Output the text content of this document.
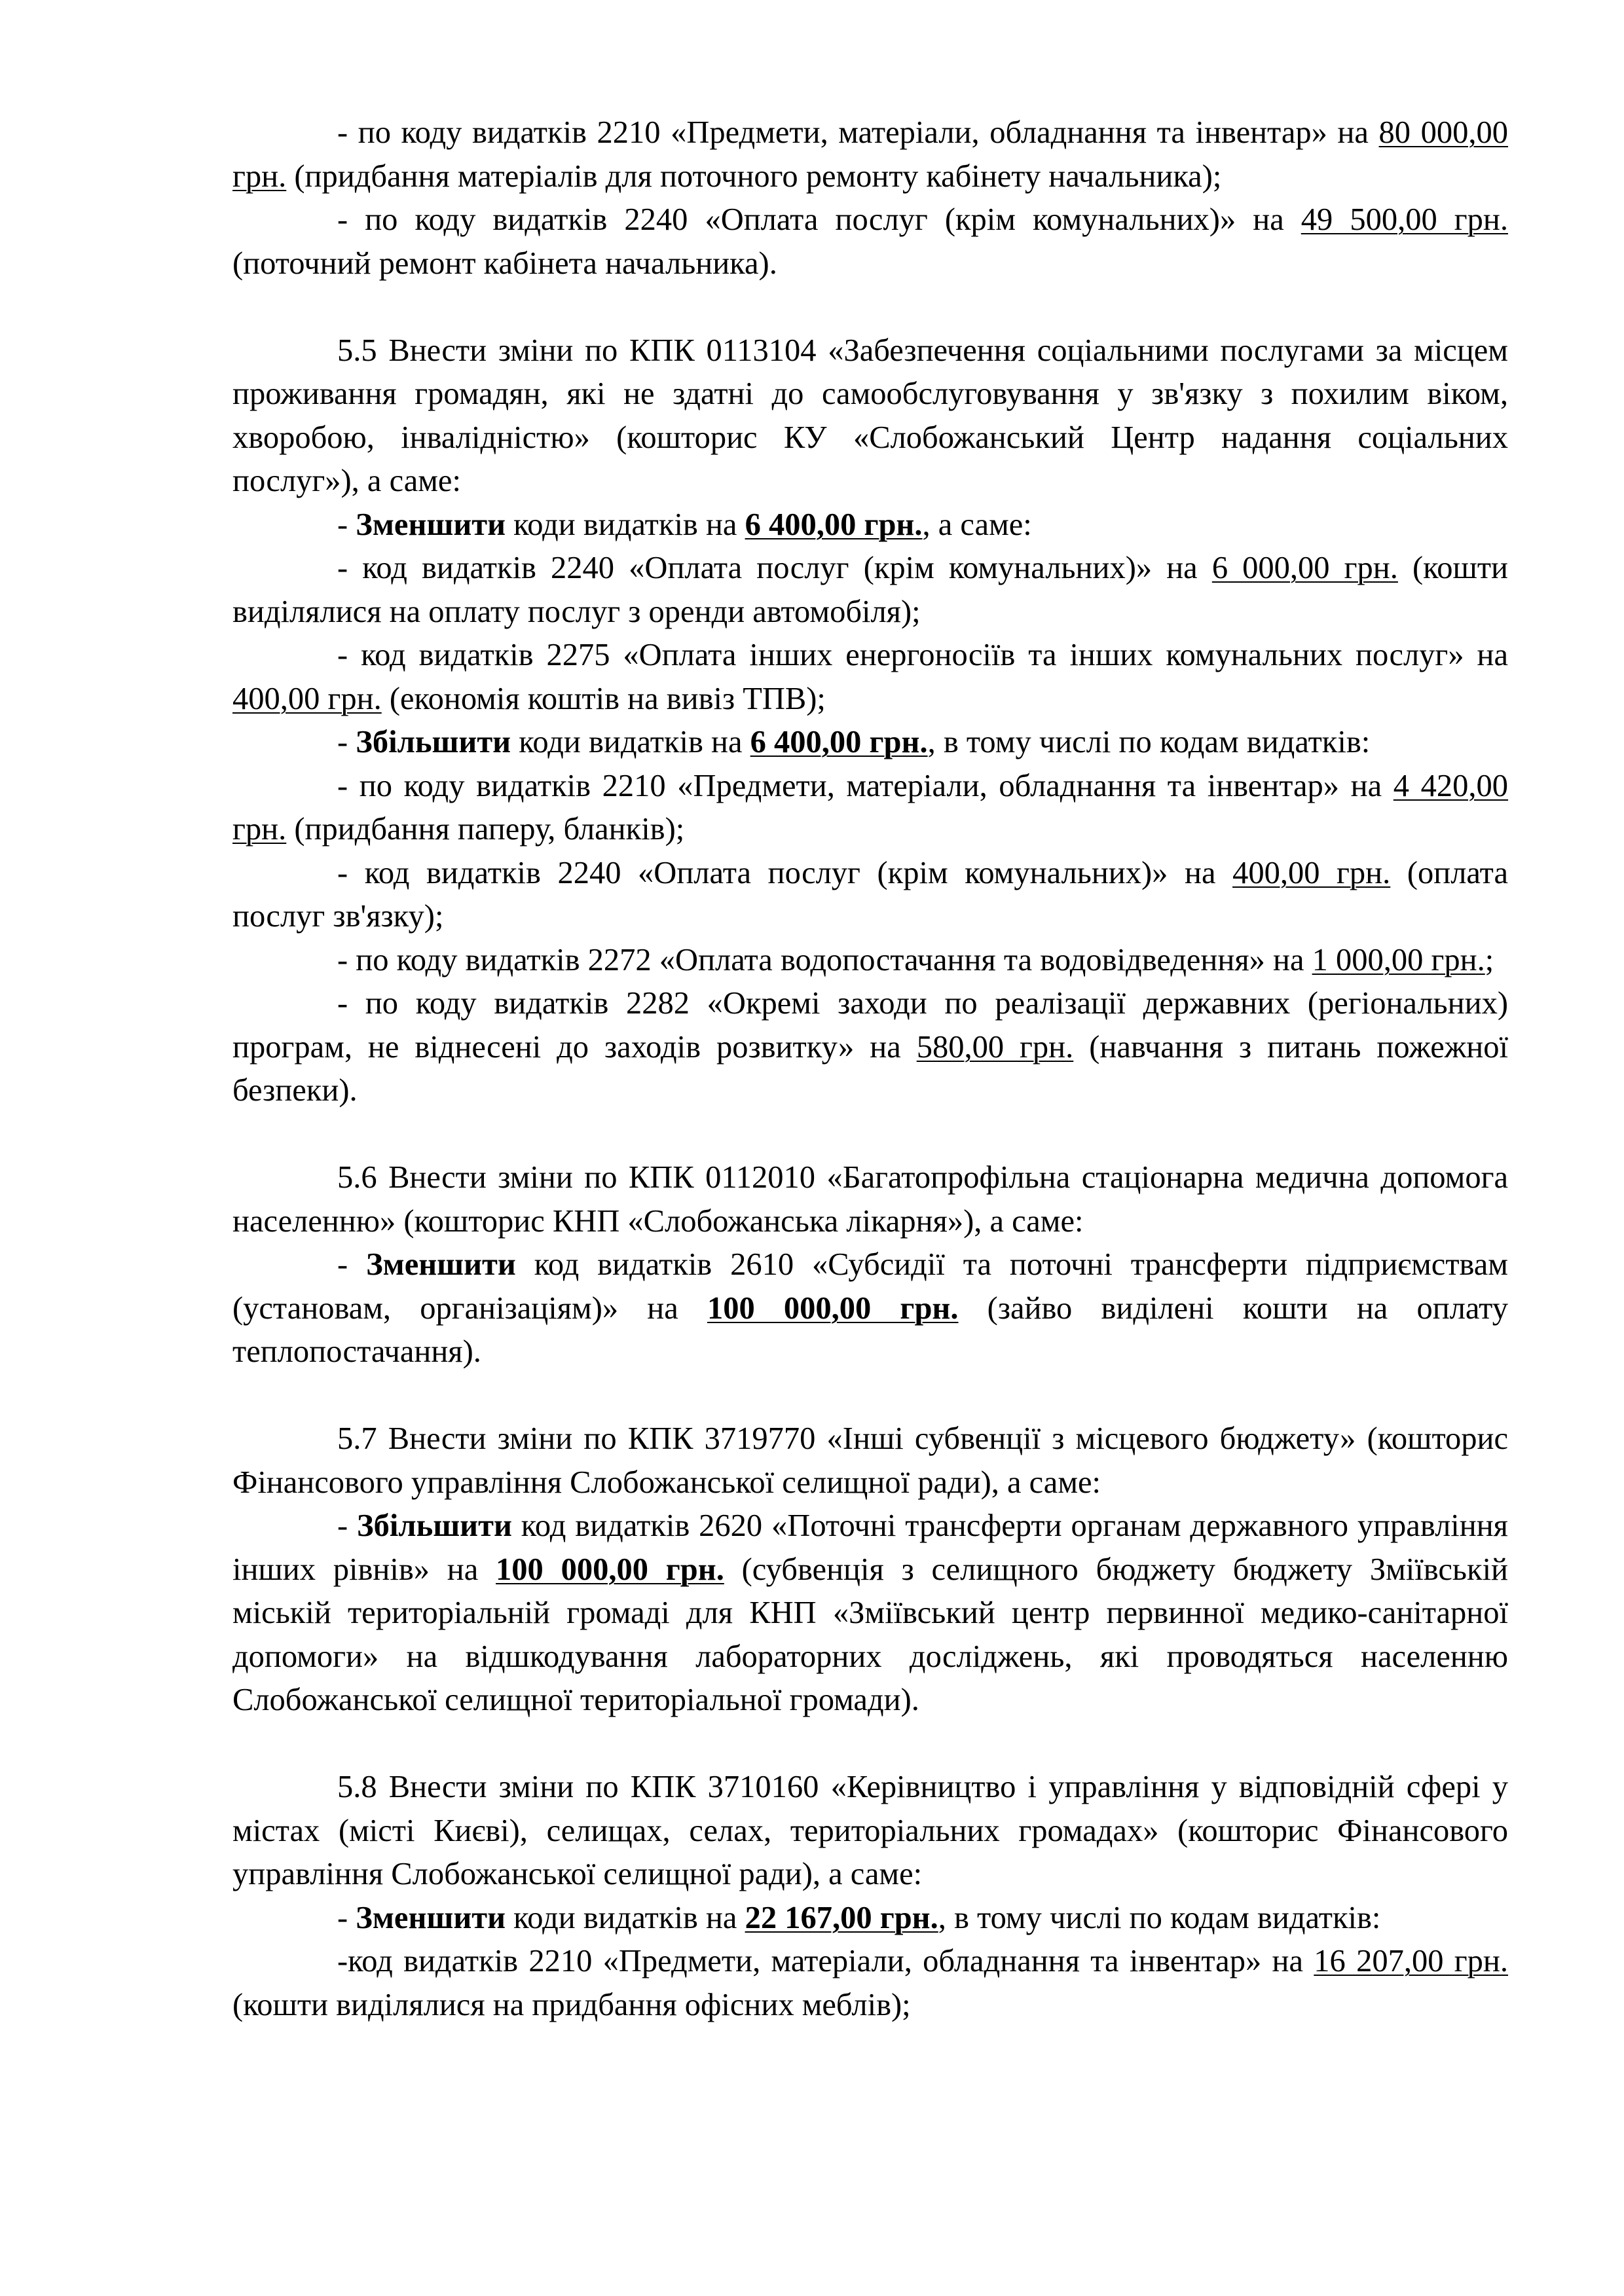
- по коду видатків 2210 «Предмети, матеріали, обладнання та інвентар» на 80 000,00 грн. (придбання матеріалів для поточного ремонту кабінету начальника);

- по коду видатків 2240 «Оплата послуг (крім комунальних)» на 49 500,00 грн. (поточний ремонт кабінета начальника).

5.5 Внести зміни по КПК 0113104 «Забезпечення соціальними послугами за місцем проживання громадян, які не здатні до самообслуговування у зв'язку з похилим віком, хворобою, інвалідністю» (кошторис КУ «Слобожанський Центр надання соціальних послуг»), а саме:

- Зменшити коди видатків на 6 400,00 грн., а саме:

- код видатків 2240 «Оплата послуг (крім комунальних)» на 6 000,00 грн. (кошти виділялися на оплату послуг з оренди автомобіля);

- код видатків 2275 «Оплата інших енергоносіїв та інших комунальних послуг» на 400,00 грн. (економія коштів на вивіз ТПВ);

- Збільшити коди видатків на 6 400,00 грн., в тому числі по кодам видатків:

- по коду видатків 2210 «Предмети, матеріали, обладнання та інвентар» на 4 420,00 грн. (придбання паперу, бланків);

- код видатків 2240 «Оплата послуг (крім комунальних)» на 400,00 грн. (оплата послуг зв'язку);

- по коду видатків 2272 «Оплата водопостачання та водовідведення» на 1 000,00 грн.;

- по коду видатків 2282 «Окремі заходи по реалізації державних (регіональних) програм, не віднесені до заходів розвитку» на 580,00 грн. (навчання з питань пожежної безпеки).

5.6 Внести зміни по КПК 0112010 «Багатопрофільна стаціонарна медична допомога населенню» (кошторис КНП «Слобожанська лікарня»), а саме:

- Зменшити код видатків 2610 «Субсидії та поточні трансферти підприємствам (установам, організаціям)» на 100 000,00 грн. (зайво виділені кошти на оплату теплопостачання).

5.7 Внести зміни по КПК 3719770 «Інші субвенції з місцевого бюджету» (кошторис Фінансового управління Слобожанської селищної ради), а саме:

- Збільшити код видатків 2620 «Поточні трансферти органам державного управління інших рівнів» на 100 000,00 грн. (субвенція з селищного бюджету бюджету Зміївській міській територіальній громаді для КНП «Зміївський центр первинної медико-санітарної допомоги» на відшкодування лабораторних досліджень, які проводяться населенню Слобожанської селищної територіальної громади).

5.8 Внести зміни по КПК 3710160 «Керівництво і управління у відповідній сфері у містах (місті Києві), селищах, селах, територіальних громадах» (кошторис Фінансового управління Слобожанської селищної ради), а саме:

- Зменшити коди видатків на 22 167,00 грн., в тому числі по кодам видатків:

-код видатків 2210 «Предмети, матеріали, обладнання та інвентар» на 16 207,00 грн. (кошти виділялися на придбання офісних меблів);
